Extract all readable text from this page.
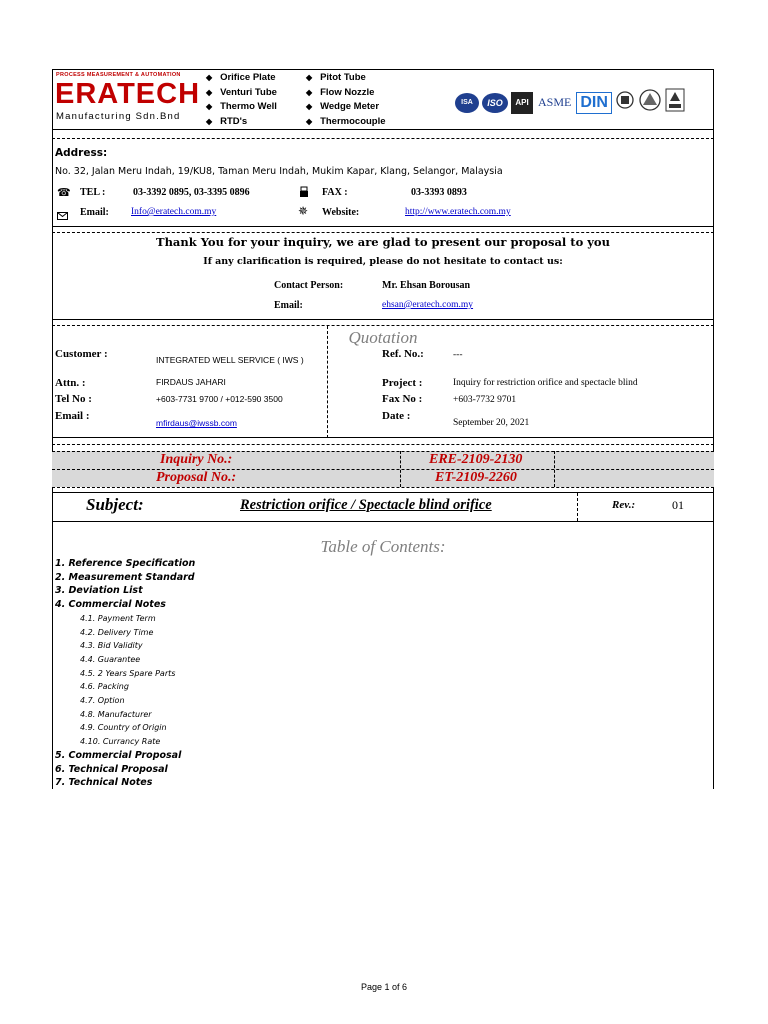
PROCESS MEASUREMENT & AUTOMATION
ERATECH
Manufacturing Sdn.Bnd
◆ Orifice Plate
◆ Venturi Tube
◆ Thermo Well
◆ RTD's
◆ Pitot Tube
◆ Flow Nozzle
◆ Wedge Meter
◆ Thermocouple
ISA	ISO	API ASME DIN
Address:
No. 32, Jalan Meru Indah, 19/KU8, Taman Meru Indah, Mukim Kapar, Klang, Selangor, Malaysia
☎ TEL :	03-3392 0895, 03-3395 0896	FAX :	03-3393 0893
Email: Info@eratech.com.my	✵ Website:	http://www.eratech.com.my
Thank You for your inquiry, we are glad to present our proposal to you
If any clarification is required, please do not hesitate to contact us:
Contact Person:	Mr. Ehsan Borousan
Email:	ehsan@eratech.com.my
Quotation
Customer :	INTEGRATED WELL SERVICE ( IWS )	Ref. No.:	---
Attn. :	FIRDAUS JAHARI	Project :	Inquiry for restriction orifice and spectacle blind
Tel No :	+603-7731 9700 / +012-590 3500	Fax No :	+603-7732 9701
Email :
mfirdaus@iwssb.com
Date :
September 20, 2021
Inquiry No.:	ERE-2109-2130
Proposal No.:	ET-2109-2260
Subject:	Restriction orifice / Spectacle blind orifice	Rev.:	01
Table of Contents:
1. Reference Specification
2. Measurement Standard
3. Deviation List
4. Commercial Notes
4.1. Payment Term
4.2. Delivery Time
4.3. Bid Validity
4.4. Guarantee
4.5. 2 Years Spare Parts
4.6. Packing
4.7. Option
4.8. Manufacturer
4.9. Country of Origin
4.10. Currancy Rate
5. Commercial Proposal
6. Technical Proposal
7. Technical Notes
Page 1 of 6
